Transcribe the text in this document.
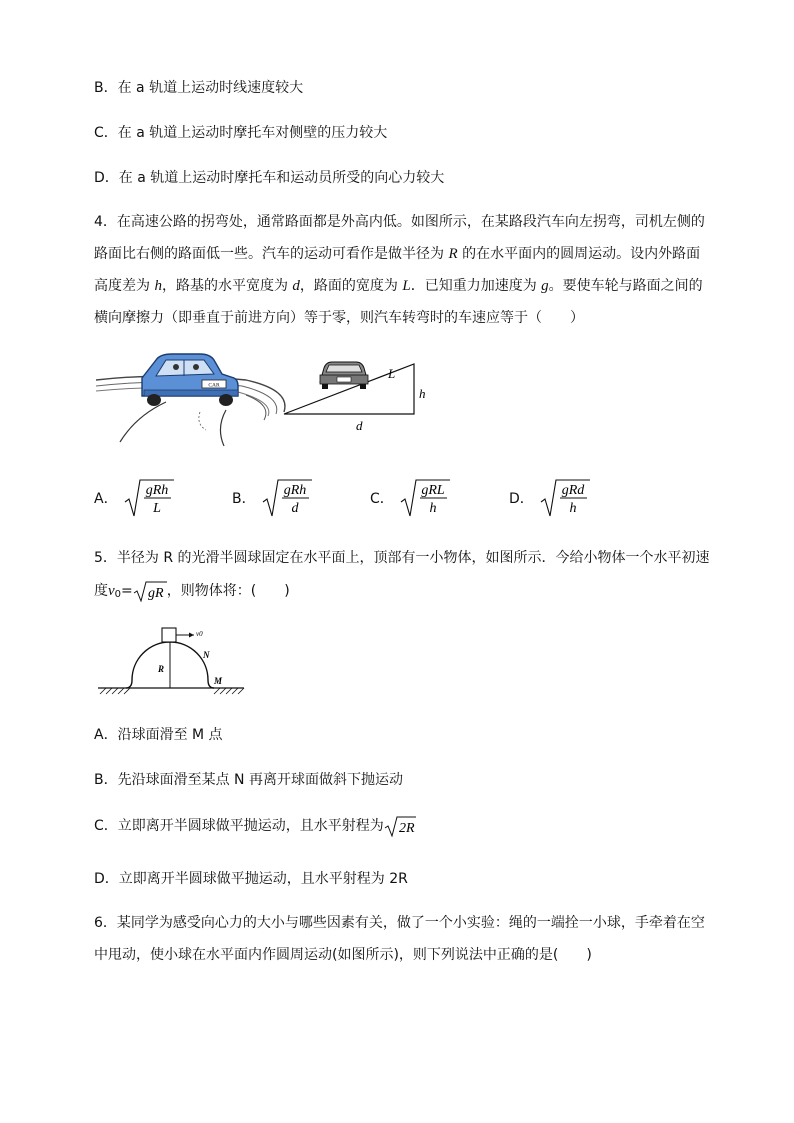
B．在 a 轨道上运动时线速度较大
C．在 a 轨道上运动时摩托车对侧壁的压力较大
D．在 a 轨道上运动时摩托车和运动员所受的向心力较大
4．在高速公路的拐弯处，通常路面都是外高内低。如图所示，在某路段汽车向左拐弯，司机左侧的
路面比右侧的路面低一些。汽车的运动可看作是做半径为 R 的在水平面内的圆周运动。设内外路面
高度差为 h，路基的水平宽度为 d，路面的宽度为 L．已知重力加速度为 g。要使车轮与路面之间的
横向摩擦力（即垂直于前进方向）等于零，则汽车转弯时的车速应等于（　　）
CAR
L
h
d
A．
gRh
L
B．
gRh
d
C．
gRL
h
D．
gRd
h
5．半径为 R 的光滑半圆球固定在水平面上，顶部有一小物体，如图所示．今给小物体一个水平初速
度 v 0 = gR ，则物体将：(　　)
v0
R
N
M
A．沿球面滑至 M 点
B．先沿球面滑至某点 N 再离开球面做斜下抛运动
C．立即离开半圆球做平抛运动，且水平射程为 2R
D．立即离开半圆球做平抛运动，且水平射程为 2R
6．某同学为感受向心力的大小与哪些因素有关，做了一个小实验：绳的一端拴一小球，手牵着在空
中甩动，使小球在水平面内作圆周运动(如图所示)，则下列说法中正确的是(　　)
